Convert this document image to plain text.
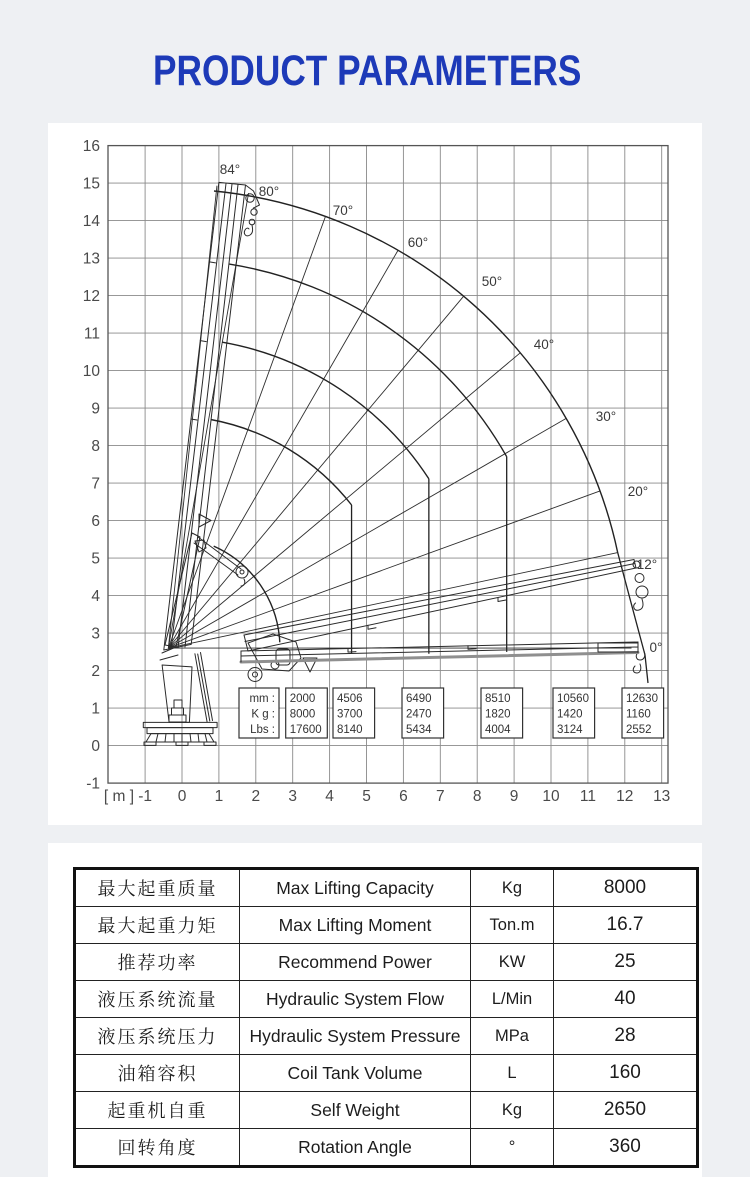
PRODUCT PARAMETERS
16
15
14
13
12
11
10
9
8
7
6
5
4
3
2
1
0
-1
-1 0 1 2 3 4 5 6 7 8 9 10 11 12 13
[ m ]
84°
80°
70°
60°
50°
40°
30°
20°
12°
0°
mm :
K g :
Lbs :
2000
8000
17600
4506
3700
8140
6490
2470
5434
8510
1820
4004
10560
1420
3124
12630
1160
2552
最大起重质量	Max Lifting Capacity	Kg	8000
最大起重力矩	Max Lifting Moment	Ton.m	16.7
推荐功率	Recommend Power	KW	25
液压系统流量	Hydraulic System Flow	L/Min	40
液压系统压力	Hydraulic System Pressure	MPa	28
油箱容积	Coil Tank Volume	L	160
起重机自重	Self Weight	Kg	2650
回转角度	Rotation Angle	°	360
